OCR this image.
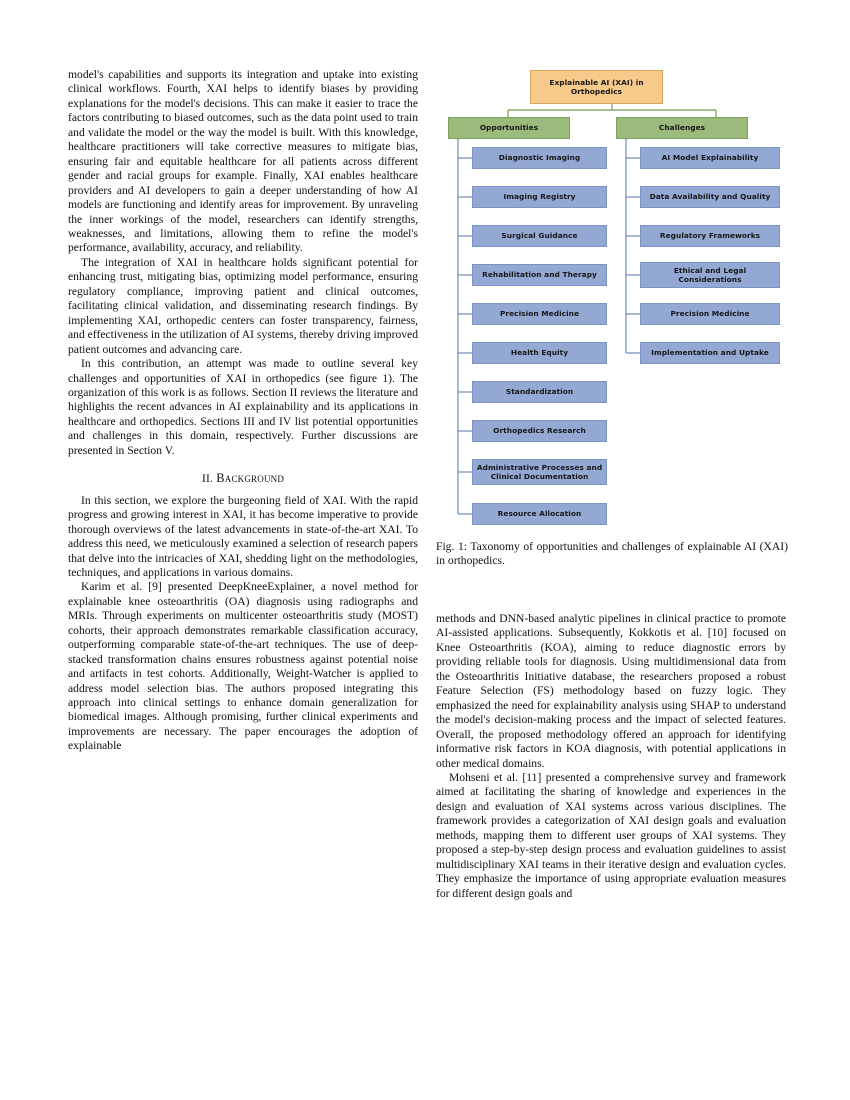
model's capabilities and supports its integration and uptake into existing clinical workflows. Fourth, XAI helps to identify biases by providing explanations for the model's decisions. This can make it easier to trace the factors contributing to biased outcomes, such as the data point used to train and validate the model or the way the model is built. With this knowledge, healthcare practitioners will take corrective measures to mitigate bias, ensuring fair and equitable healthcare for all patients across different gender and racial groups for example. Finally, XAI enables healthcare providers and AI developers to gain a deeper understanding of how AI models are functioning and identify areas for improvement. By unraveling the inner workings of the model, researchers can identify strengths, weaknesses, and limitations, allowing them to refine the model's performance, availability, accuracy, and reliability.

The integration of XAI in healthcare holds significant potential for enhancing trust, mitigating bias, optimizing model performance, ensuring regulatory compliance, improving patient and clinical outcomes, facilitating clinical validation, and disseminating research findings. By implementing XAI, orthopedic centers can foster transparency, fairness, and effectiveness in the utilization of AI systems, thereby driving improved patient outcomes and advancing care.

In this contribution, an attempt was made to outline several key challenges and opportunities of XAI in orthopedics (see figure 1). The organization of this work is as follows. Section II reviews the literature and highlights the recent advances in AI explainability and its applications in healthcare and orthopedics. Sections III and IV list potential opportunities and challenges in this domain, respectively. Further discussions are presented in Section V.

II. Background

In this section, we explore the burgeoning field of XAI. With the rapid progress and growing interest in XAI, it has become imperative to provide thorough overviews of the latest advancements in state-of-the-art XAI. To address this need, we meticulously examined a selection of research papers that delve into the intricacies of XAI, shedding light on the methodologies, techniques, and applications in various domains.

Karim et al. [9] presented DeepKneeExplainer, a novel method for explainable knee osteoarthritis (OA) diagnosis using radiographs and MRIs. Through experiments on multicenter osteoarthritis study (MOST) cohorts, their approach demonstrates remarkable classification accuracy, outperforming comparable state-of-the-art techniques. The use of deep-stacked transformation chains ensures robustness against potential noise and artifacts in test cohorts. Additionally, Weight-Watcher is applied to address model selection bias. The authors proposed integrating this approach into clinical settings to enhance domain generalization for biomedical images. Although promising, further clinical experiments and improvements are necessary. The paper encourages the adoption of explainable

Explainable AI (XAI) in Orthopedics
Opportunities	Challenges
Diagnostic Imaging
Imaging Registry
Surgical Guidance
Rehabilitation and Therapy
Precision Medicine
Health Equity
Standardization
Orthopedics Research
Administrative Processes and Clinical Documentation
Resource Allocation
AI Model Explainability
Data Availability and Quality
Regulatory Frameworks
Ethical and Legal Considerations
Precision Medicine
Implementation and Uptake
Fig. 1: Taxonomy of opportunities and challenges of explainable AI (XAI) in orthopedics.

methods and DNN-based analytic pipelines in clinical practice to promote AI-assisted applications. Subsequently, Kokkotis et al. [10] focused on Knee Osteoarthritis (KOA), aiming to reduce diagnostic errors by providing reliable tools for diagnosis. Using multidimensional data from the Osteoarthritis Initiative database, the researchers proposed a robust Feature Selection (FS) methodology based on fuzzy logic. They emphasized the need for explainability analysis using SHAP to understand the model's decision-making process and the impact of selected features. Overall, the proposed methodology offered an approach for identifying informative risk factors in KOA diagnosis, with potential applications in other medical domains.

Mohseni et al. [11] presented a comprehensive survey and framework aimed at facilitating the sharing of knowledge and experiences in the design and evaluation of XAI systems across various disciplines. The framework provides a categorization of XAI design goals and evaluation methods, mapping them to different user groups of XAI systems. They proposed a step-by-step design process and evaluation guidelines to assist multidisciplinary XAI teams in their iterative design and evaluation cycles. They emphasize the importance of using appropriate evaluation measures for different design goals and
